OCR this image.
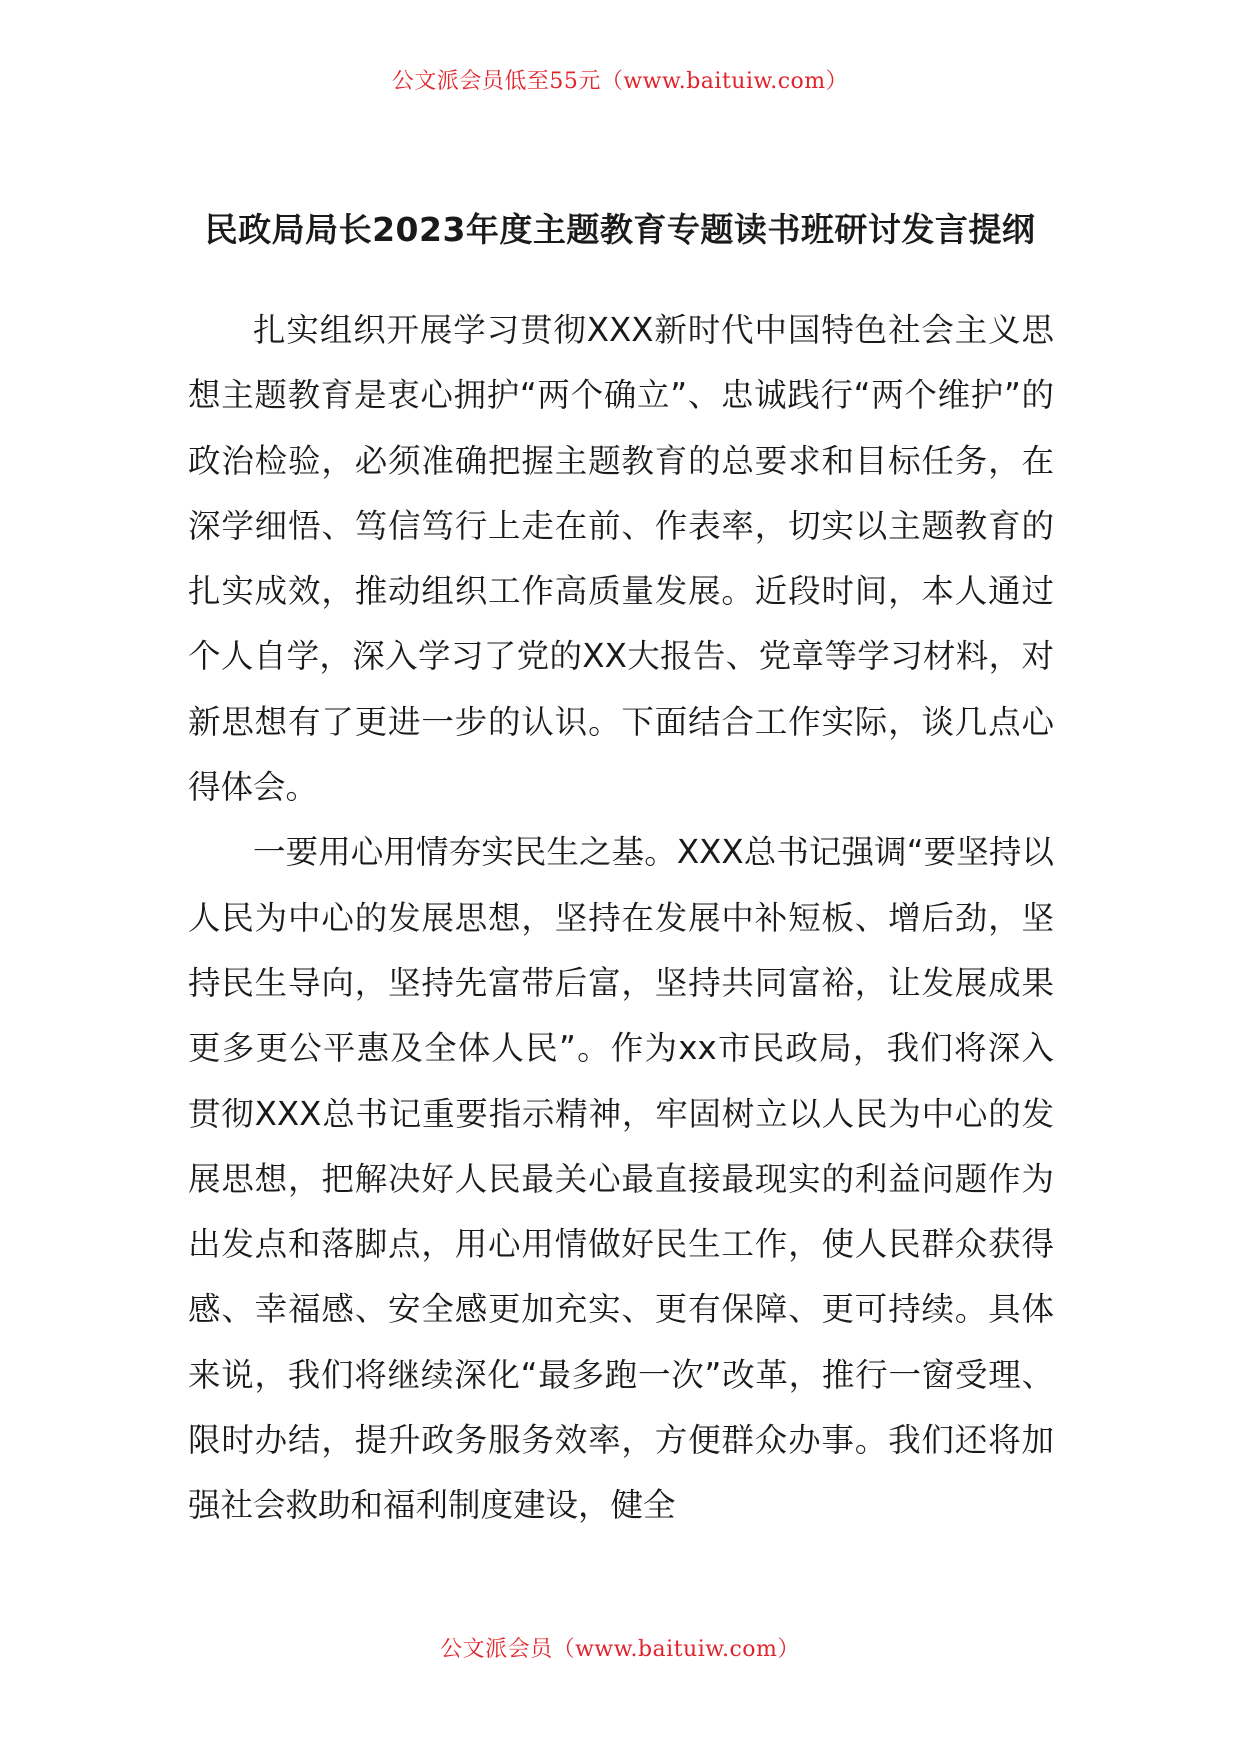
公文派会员低至55元（www.baituiw.com）
民政局局长2023年度主题教育专题读书班研讨发言提纲

扎实组织开展学习贯彻XXX新时代中国特色社会主义思想主题教育是衷心拥护“两个确立”、忠诚践行“两个维护”的政治检验，必须准确把握主题教育的总要求和目标任务，在深学细悟、笃信笃行上走在前、作表率，切实以主题教育的扎实成效，推动组织工作高质量发展。近段时间，本人通过个人自学，深入学习了党的XX大报告、党章等学习材料，对新思想有了更进一步的认识。下面结合工作实际，谈几点心得体会。

一要用心用情夯实民生之基。XXX总书记强调“要坚持以人民为中心的发展思想，坚持在发展中补短板、增后劲，坚持民生导向，坚持先富带后富，坚持共同富裕，让发展成果更多更公平惠及全体人民”。作为xx市民政局，我们将深入贯彻XXX总书记重要指示精神，牢固树立以人民为中心的发展思想，把解决好人民最关心最直接最现实的利益问题作为出发点和落脚点，用心用情做好民生工作，使人民群众获得感、幸福感、安全感更加充实、更有保障、更可持续。具体来说，我们将继续深化“最多跑一次”改革，推行一窗受理、限时办结，提升政务服务效率，方便群众办事。我们还将加强社会救助和福利制度建设，健全

公文派会员（www.baituiw.com）
